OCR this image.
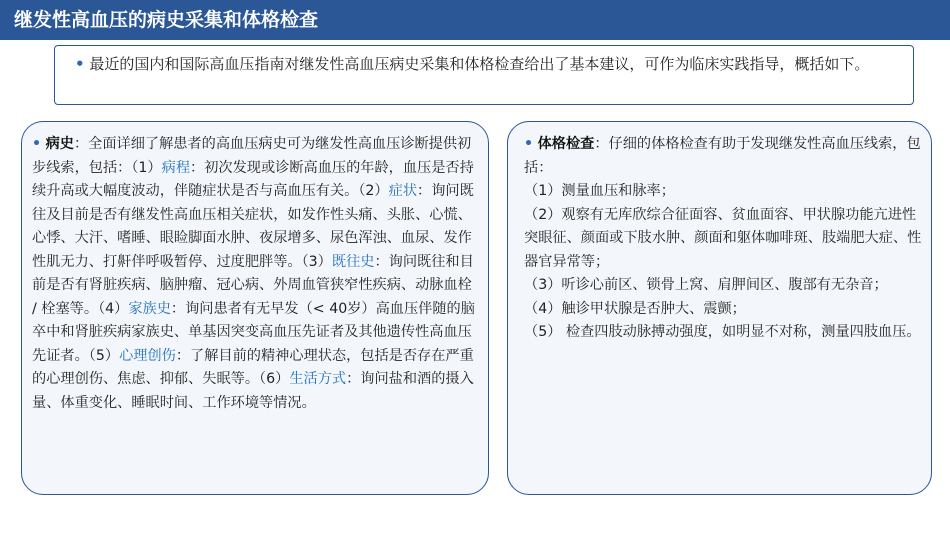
继发性高血压的病史采集和体格检查
• 最近的国内和国际高血压指南对继发性高血压病史采集和体格检查给出了基本建议，可作为临床实践指导，概括如下。

• 病史：全面详细了解患者的高血压病史可为继发性高血压诊断提供初步线索，包括：（1）病程：初次发现或诊断高血压的年龄，血压是否持续升高或大幅度波动，伴随症状是否与高血压有关。（2）症状：询问既往及目前是否有继发性高血压相关症状，如发作性头痛、头胀、心慌、心悸、大汗、嗜睡、眼睑脚面水肿、夜尿增多、尿色浑浊、血尿、发作性肌无力、打鼾伴呼吸暂停、过度肥胖等。（3）既往史：询问既往和目前是否有肾脏疾病、脑肿瘤、冠心病、外周血管狭窄性疾病、动脉血栓 / 栓塞等。（4）家族史：询问患者有无早发（< 40岁）高血压伴随的脑卒中和肾脏疾病家族史、单基因突变高血压先证者及其他遗传性高血压先证者。（5）心理创伤：了解目前的精神心理状态，包括是否存在严重的心理创伤、焦虑、抑郁、失眠等。（6）生活方式：询问盐和酒的摄入量、体重变化、睡眠时间、工作环境等情况。

• 体格检查：仔细的体格检查有助于发现继发性高血压线索，包括：

（1）测量血压和脉率；

（2）观察有无库欣综合征面容、贫血面容、甲状腺功能亢进性突眼征、颜面或下肢水肿、颜面和躯体咖啡斑、肢端肥大症、性器官异常等；

（3）听诊心前区、锁骨上窝、肩胛间区、腹部有无杂音；

（4）触诊甲状腺是否肿大、震颤；

（5） 检查四肢动脉搏动强度，如明显不对称，测量四肢血压。
